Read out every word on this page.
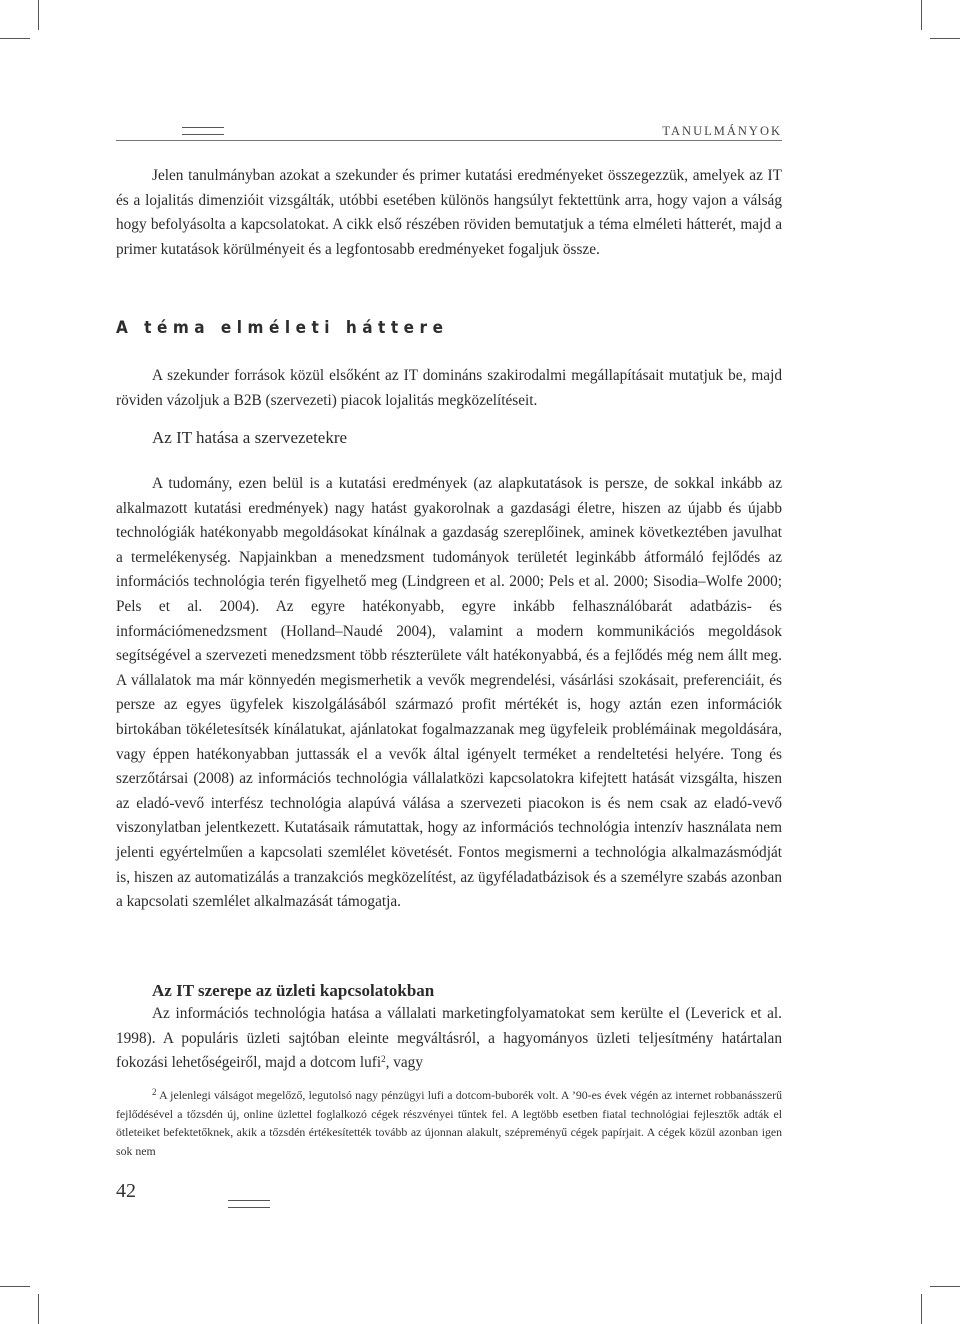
TANULMÁNYOK

Jelen tanulmányban azokat a szekunder és primer kutatási eredményeket összegezzük, amelyek az IT és a lojalitás dimenzióit vizsgálták, utóbbi esetében különös hangsúlyt fektettünk arra, hogy vajon a válság hogy befolyásolta a kapcsolatokat. A cikk első részében röviden bemutatjuk a téma elméleti hátterét, majd a primer kutatások körülményeit és a legfontosabb eredményeket fogaljuk össze.

A téma elméleti háttere

A szekunder források közül elsőként az IT domináns szakirodalmi megállapításait mutatjuk be, majd röviden vázoljuk a B2B (szervezeti) piacok lojalitás megközelítéseit.

Az IT hatása a szervezetekre

A tudomány, ezen belül is a kutatási eredmények (az alapkutatások is persze, de sokkal inkább az alkalmazott kutatási eredmények) nagy hatást gyakorolnak a gazdasági életre, hiszen az újabb és újabb technológiák hatékonyabb megoldásokat kínálnak a gazdaság szereplőinek, aminek következtében javulhat a termelékenység. Napjainkban a menedzsment tudományok területét leginkább átformáló fejlődés az információs technológia terén figyelhető meg (Lindgreen et al. 2000; Pels et al. 2000; Sisodia–Wolfe 2000; Pels et al. 2004). Az egyre hatékonyabb, egyre inkább felhasználóbarát adatbázis- és információmenedzsment (Holland–Naudé 2004), valamint a modern kommunikációs megoldások segítségével a szervezeti menedzsment több részterülete vált hatékonyabbá, és a fejlődés még nem állt meg. A vállalatok ma már könnyedén megismerhetik a vevők megrendelési, vásárlási szokásait, preferenciáit, és persze az egyes ügyfelek kiszolgálásából származó profit mértékét is, hogy aztán ezen információk birtokában tökéletesítsék kínálatukat, ajánlatokat fogalmazzanak meg ügyfeleik problémáinak megoldására, vagy éppen hatékonyabban juttassák el a vevők által igényelt terméket a rendeltetési helyére. Tong és szerzőtársai (2008) az információs technológia vállalatközi kapcsolatokra kifejtett hatását vizsgálta, hiszen az eladó-vevő interfész technológia alapúvá válása a szervezeti piacokon is és nem csak az eladó-vevő viszonylatban jelentkezett. Kutatásaik rámutattak, hogy az információs technológia intenzív használata nem jelenti egyértelműen a kapcsolati szemlélet követését. Fontos megismerni a technológia alkalmazásmódját is, hiszen az automatizálás a tranzakciós megközelítést, az ügyféladatbázisok és a személyre szabás azonban a kapcsolati szemlélet alkalmazását támogatja.

Az IT szerepe az üzleti kapcsolatokban

Az információs technológia hatása a vállalati marketingfolyamatokat sem kerülte el (Leverick et al. 1998). A populáris üzleti sajtóban eleinte megváltásról, a hagyományos üzleti teljesítmény határtalan fokozási lehetőségeiről, majd a dotcom lufi$^2$, vagy

$^2$ A jelenlegi válságot megelőző, legutolsó nagy pénzügyi lufi a dotcom-buborék volt. A ’90-es évek végén az internet robbanásszerű fejlődésével a tőzsdén új, online üzlettel foglalkozó cégek részvényei tűntek fel. A legtöbb esetben fiatal technológiai fejlesztők adták el ötleteiket befektetőknek, akik a tőzsdén értékesítették tovább az újonnan alakult, szépreményű cégek papírjait. A cégek közül azonban igen sok nem

42
